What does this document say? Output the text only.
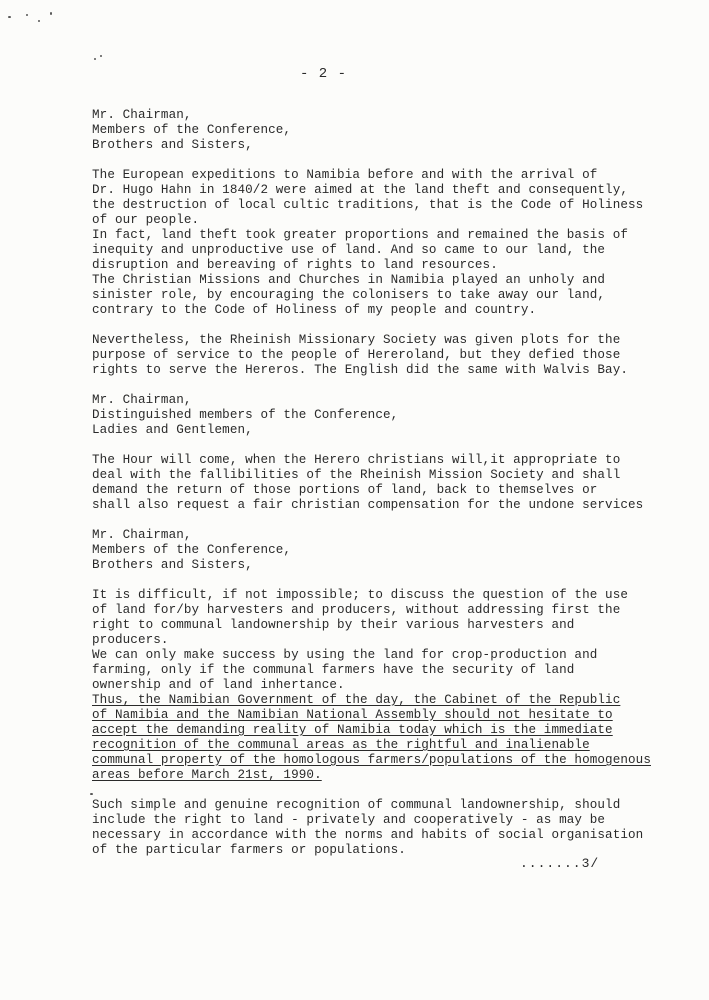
- 2 -
Mr. Chairman,
Members of the Conference,
Brothers and Sisters,
The European expeditions to Namibia before and with the arrival of
Dr. Hugo Hahn in 1840/2 were aimed at the land theft and consequently,
the destruction of local cultic traditions, that is the Code of Holiness
of our people.
In fact, land theft took greater proportions and remained the basis of
inequity and unproductive use of land. And so came to our land, the
disruption and bereaving of rights to land resources.
The Christian Missions and Churches in Namibia played an unholy and
sinister role, by encouraging the colonisers to take away our land,
contrary to the Code of Holiness of my people and country.
Nevertheless, the Rheinish Missionary Society was given plots for the
purpose of service to the people of Hereroland, but they defied those
rights to serve the Hereros. The English did the same with Walvis Bay.
Mr. Chairman,
Distinguished members of the Conference,
Ladies and Gentlemen,
The Hour will come, when the Herero christians will,it appropriate to
deal with the fallibilities of the Rheinish Mission Society and shall
demand the return of those portions of land, back to themselves or
shall also request a fair christian compensation for the undone services
Mr. Chairman,
Members of the Conference,
Brothers and Sisters,
It is difficult, if not impossible; to discuss the question of the use
of land for/by harvesters and producers, without addressing first the
right to communal landownership by their various harvesters and
producers.
We can only make success by using the land for crop-production and
farming, only if the communal farmers have the security of land
ownership and of land inhertance.
Thus, the Namibian Government of the day, the Cabinet of the Republic
of Namibia and the Namibian National Assembly should not hesitate to
accept the demanding reality of Namibia today which is the immediate
recognition of the communal areas as the rightful and inalienable
communal property of the homologous farmers/populations of the homogenous
areas before March 21st, 1990.
Such simple and genuine recognition of communal landownership, should
include the right to land - privately and cooperatively - as may be
necessary in accordance with the norms and habits of social organisation
of the particular farmers or populations.
.......3/
